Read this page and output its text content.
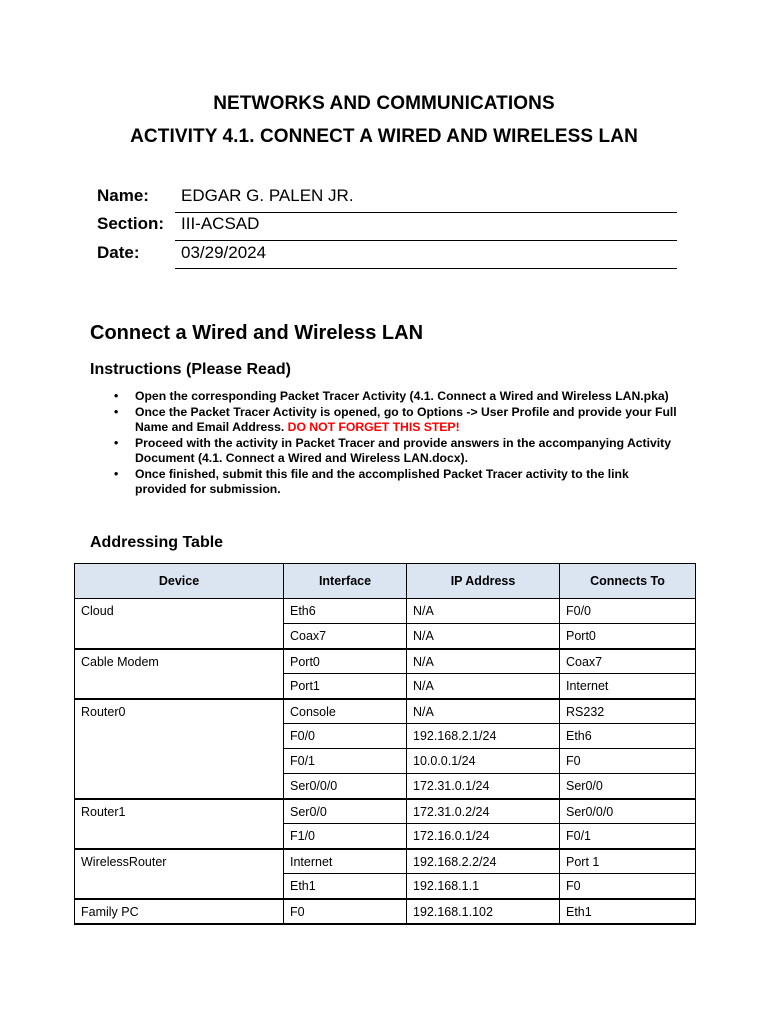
NETWORKS AND COMMUNICATIONS
ACTIVITY 4.1. CONNECT A WIRED AND WIRELESS LAN
Name: EDGAR G. PALEN JR.
Section: III-ACSAD
Date: 03/29/2024
Connect a Wired and Wireless LAN
Instructions (Please Read)
• Open the corresponding Packet Tracer Activity (4.1. Connect a Wired and Wireless LAN.pka)
• Once the Packet Tracer Activity is opened, go to Options -> User Profile and provide your Full Name and Email Address. DO NOT FORGET THIS STEP!
• Proceed with the activity in Packet Tracer and provide answers in the accompanying Activity Document (4.1. Connect a Wired and Wireless LAN.docx).
• Once finished, submit this file and the accomplished Packet Tracer activity to the link provided for submission.
Addressing Table
Device	Interface	IP Address	Connects To
Cloud	Eth6	N/A	F0/0
	Coax7	N/A	Port0
Cable Modem	Port0	N/A	Coax7
	Port1	N/A	Internet
Router0	Console	N/A	RS232
	F0/0	192.168.2.1/24	Eth6
	F0/1	10.0.0.1/24	F0
	Ser0/0/0	172.31.0.1/24	Ser0/0
Router1	Ser0/0	172.31.0.2/24	Ser0/0/0
	F1/0	172.16.0.1/24	F0/1
WirelessRouter	Internet	192.168.2.2/24	Port 1
	Eth1	192.168.1.1	F0
Family PC	F0	192.168.1.102	Eth1
